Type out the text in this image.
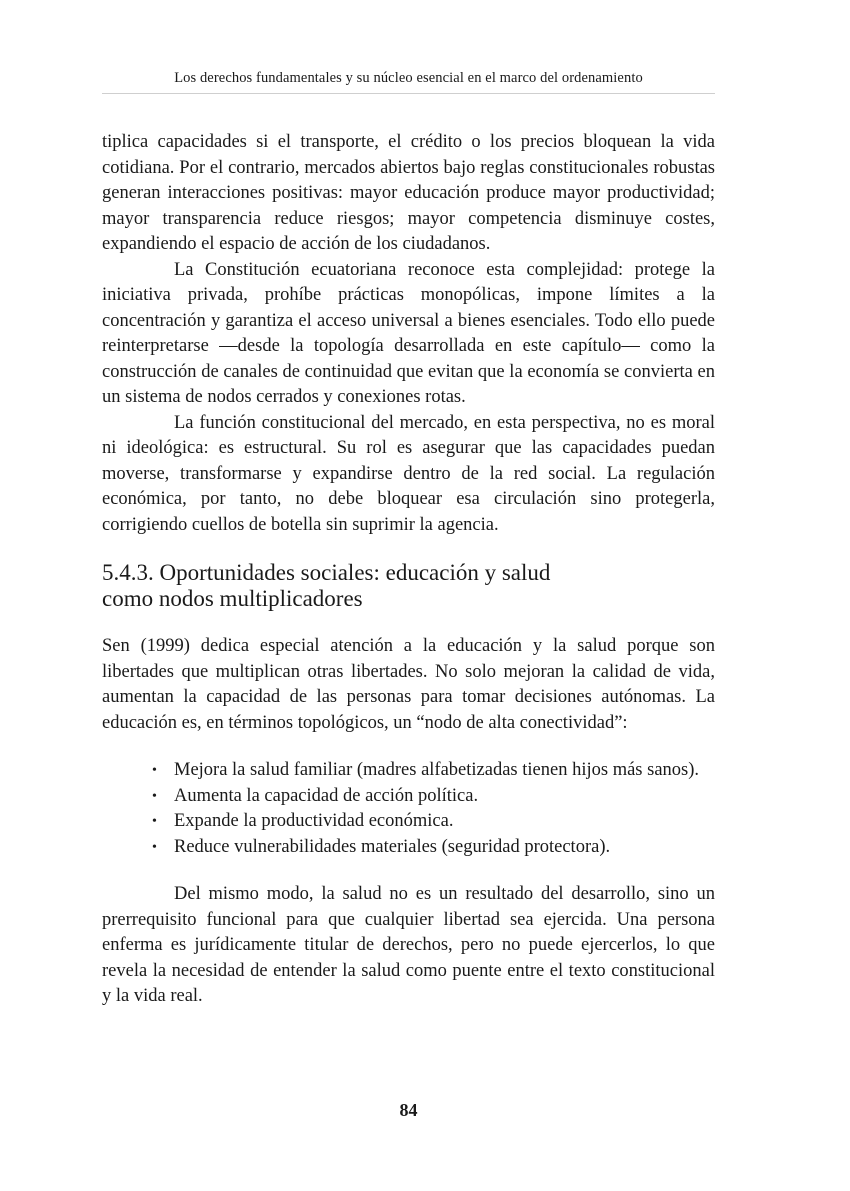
Los derechos fundamentales y su núcleo esencial en el marco del ordenamiento

tiplica capacidades si el transporte, el crédito o los precios bloquean la vida cotidiana. Por el contrario, mercados abiertos bajo reglas constitucionales robustas generan interacciones positivas: mayor educación produce mayor productividad; mayor transparencia reduce riesgos; mayor competencia disminuye costes, expandiendo el espacio de acción de los ciudadanos.

La Constitución ecuatoriana reconoce esta complejidad: protege la iniciativa privada, prohíbe prácticas monopólicas, impone límites a la concentración y garantiza el acceso universal a bienes esenciales. Todo ello puede reinterpretarse —desde la topología desarrollada en este capítulo— como la construcción de canales de continuidad que evitan que la economía se convierta en un sistema de nodos cerrados y conexiones rotas.

La función constitucional del mercado, en esta perspectiva, no es moral ni ideológica: es estructural. Su rol es asegurar que las capacidades puedan moverse, transformarse y expandirse dentro de la red social. La regulación económica, por tanto, no debe bloquear esa circulación sino protegerla, corrigiendo cuellos de botella sin suprimir la agencia.

5.4.3. Oportunidades sociales: educación y salud como nodos multiplicadores

Sen (1999) dedica especial atención a la educación y la salud porque son libertades que multiplican otras libertades. No solo mejoran la calidad de vida, aumentan la capacidad de las personas para tomar decisiones autónomas. La educación es, en términos topológicos, un “nodo de alta conectividad”:

• Mejora la salud familiar (madres alfabetizadas tienen hijos más sanos).
• Aumenta la capacidad de acción política.
• Expande la productividad económica.
• Reduce vulnerabilidades materiales (seguridad protectora).

Del mismo modo, la salud no es un resultado del desarrollo, sino un prerrequisito funcional para que cualquier libertad sea ejercida. Una persona enferma es jurídicamente titular de derechos, pero no puede ejercerlos, lo que revela la necesidad de entender la salud como puente entre el texto constitucional y la vida real.

84
